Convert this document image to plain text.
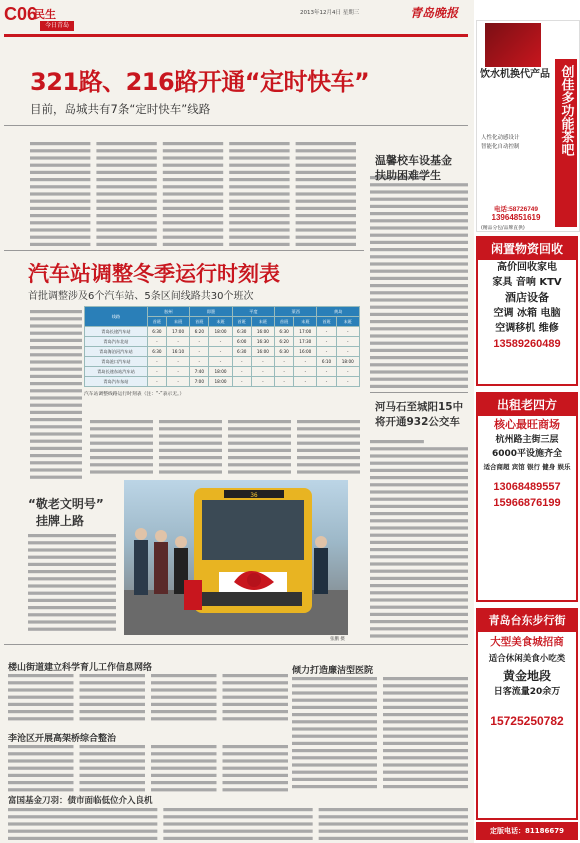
C06
民生
今日青岛
2013年12月4日 星期三	青岛晚报
321路、216路开通“定时快车”
目前，岛城共有7条“定时快车”线路
温馨校车设基金
扶助困难学生
汽车站调整冬季运行时刻表
首批调整涉及6个汽车站、5条区间线路共30个班次
线路	胶州		即墨		平度		莱西		黄岛	
	首班	末班	首班	末班	首班	末班	首班	末班	首班	末班
青岛长途汽车站	6:30	17:00	6:20	18:00	6:30	16:00	6:30	17:00	-	-
青岛汽车北站	-	-	-	-	6:00	16:30	6:20	17:30	-	-
青岛海泊河汽车站	6:30	16:10	-	-	6:30	16:00	6:30	16:00	-	-
青岛沧口汽车站	-	-	-	-	-	-	-	-	6:10	18:00
青岛长途东站汽车站	-	-	7:40	18:00	-	-	-	-	-	-
青岛汽车东站	-	-	7:00	18:00	-	-	-	-	-	-
汽车站调整线路运行时刻表（注：“-”表示无。）
河马石至城阳15中
将开通932公交车
“敬老文明号”
挂牌上路
36
张鹏 摄
楼山街道建立科学育儿工作信息网络	倾力打造廉洁型医院
李沧区开展高架桥综合整治
富国基金刀羽：债市面临低位介入良机
饮水机换代产品 创佳多功能茶吧
人性化动感设计
智能化自动控制
电话:58726749
13964851619
(精品分包/品牌直供)
闲置物资回收
高价回收家电
家具 音响 KTV
酒店设备
空调 冰箱 电脑
空调移机 维修
13589260489
出租老四方
核心最旺商场
杭州路主街三层
6000平设施齐全
适合商超 宾馆 银行 健身 娱乐
13068489557
15966876199
青岛台东步行街
大型美食城招商
适合休闲美食小吃类
黄金地段
日客流量20余万
15725250782
定版电话：81186679
